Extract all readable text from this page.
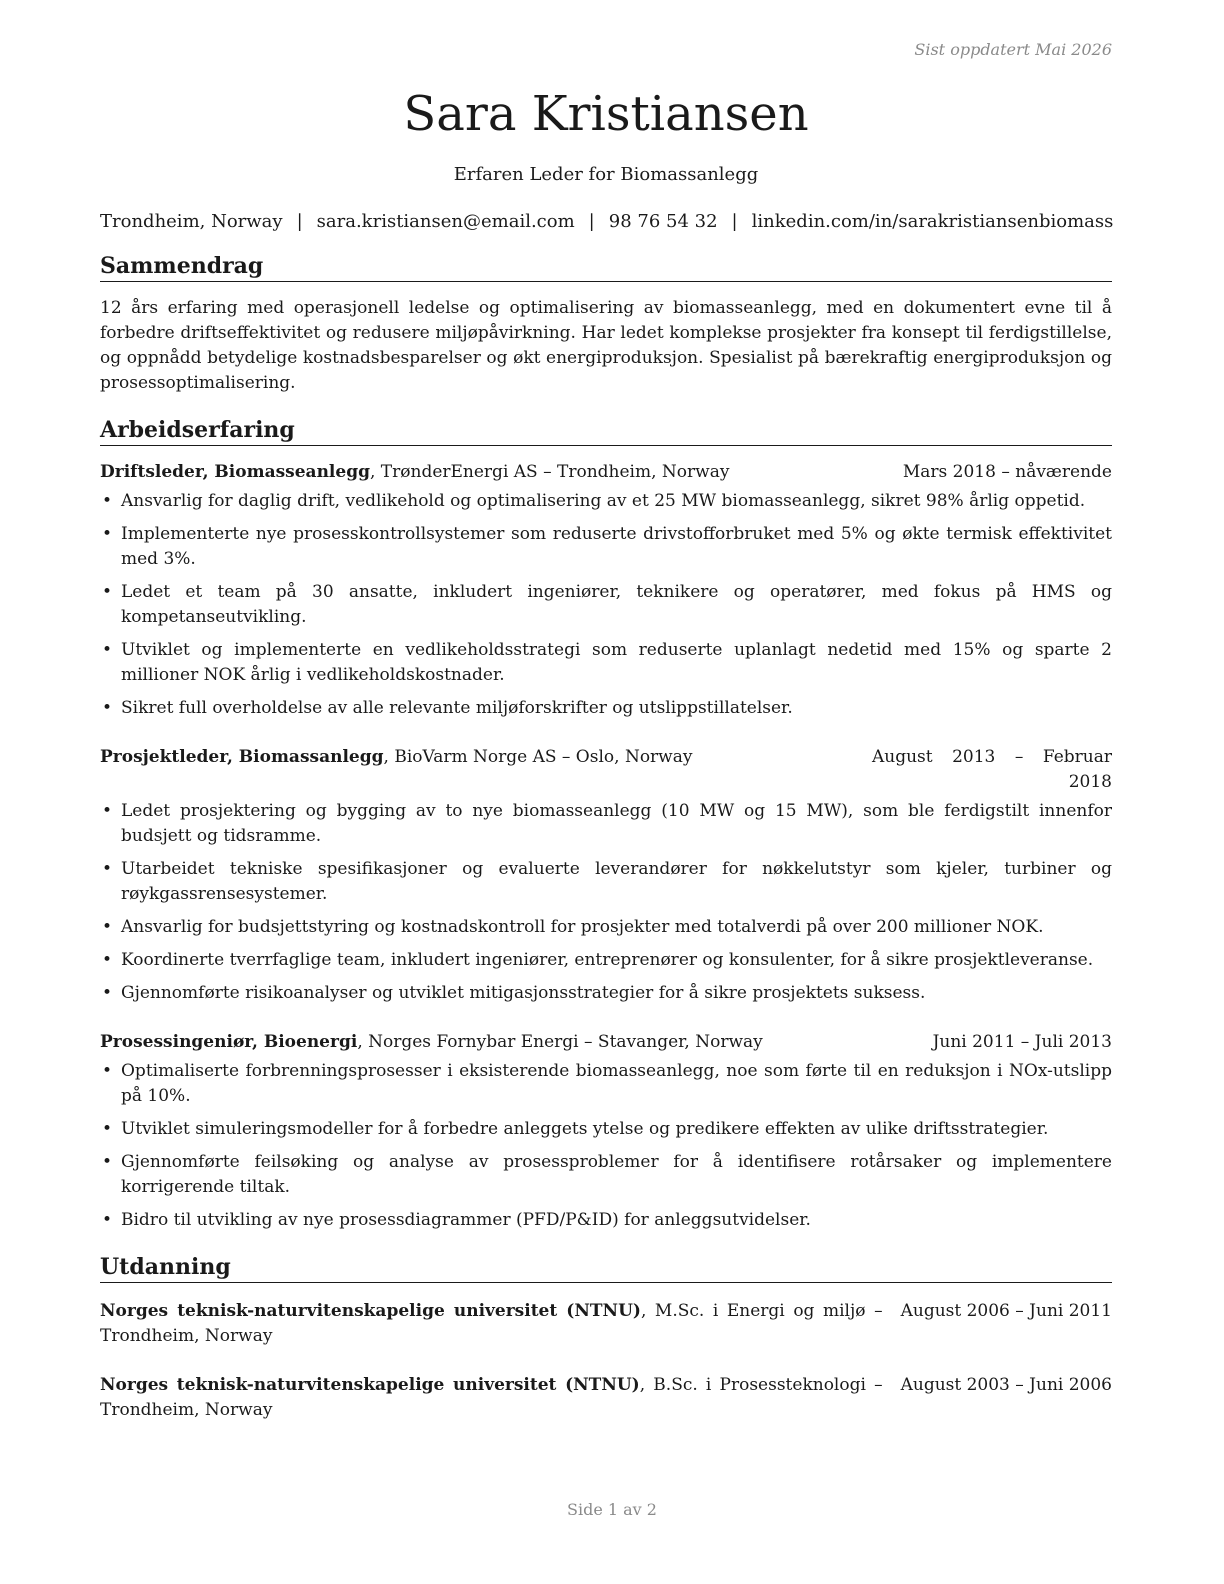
Sist oppdatert Mai 2026
Sara Kristiansen
Erfaren Leder for Biomassanlegg
Trondheim, Norway | sara.kristiansen@email.com | 98 76 54 32 | linkedin.com/in/sarakristiansenbiomass
Sammendrag
12 års erfaring med operasjonell ledelse og optimalisering av biomasseanlegg, med en dokumentert evne til å forbedre driftseffektivitet og redusere miljøpåvirkning. Har ledet komplekse prosjekter fra konsept til ferdigstillelse, og oppnådd betydelige kostnadsbesparelser og økt energiproduksjon. Spesialist på bærekraftig energiproduksjon og prosessoptimalisering.
Arbeidserfaring
Driftsleder, Biomasseanlegg, TrønderEnergi AS – Trondheim, Norway	Mars 2018 – nåværende
• Ansvarlig for daglig drift, vedlikehold og optimalisering av et 25 MW biomasseanlegg, sikret 98% årlig oppetid.
• Implementerte nye prosesskontrollsystemer som reduserte drivstofforbruket med 5% og økte termisk effektivitet med 3%.
• Ledet et team på 30 ansatte, inkludert ingeniører, teknikere og operatører, med fokus på HMS og kompetanseutvikling.
• Utviklet og implementerte en vedlikeholdsstrategi som reduserte uplanlagt nedetid med 15% og sparte 2 millioner NOK årlig i vedlikeholdskostnader.
• Sikret full overholdelse av alle relevante miljøforskrifter og utslippstillatelser.
Prosjektleder, Biomassanlegg, BioVarm Norge AS – Oslo, Norway	August 2013 – Februar 2018
• Ledet prosjektering og bygging av to nye biomasseanlegg (10 MW og 15 MW), som ble ferdigstilt innenfor budsjett og tidsramme.
• Utarbeidet tekniske spesifikasjoner og evaluerte leverandører for nøkkelutstyr som kjeler, turbiner og røykgassrensesystemer.
• Ansvarlig for budsjettstyring og kostnadskontroll for prosjekter med totalverdi på over 200 millioner NOK.
• Koordinerte tverrfaglige team, inkludert ingeniører, entreprenører og konsulenter, for å sikre prosjektleveranse.
• Gjennomførte risikoanalyser og utviklet mitigasjonsstrategier for å sikre prosjektets suksess.
Prosessingeniør, Bioenergi, Norges Fornybar Energi – Stavanger, Norway	Juni 2011 – Juli 2013
• Optimaliserte forbrenningsprosesser i eksisterende biomasseanlegg, noe som førte til en reduksjon i NOx-utslipp på 10%.
• Utviklet simuleringsmodeller for å forbedre anleggets ytelse og predikere effekten av ulike driftsstrategier.
• Gjennomførte feilsøking og analyse av prosessproblemer for å identifisere rotårsaker og implementere korrigerende tiltak.
• Bidro til utvikling av nye prosessdiagrammer (PFD/P&ID) for anleggsutvidelser.
Utdanning
Norges teknisk-naturvitenskapelige universitet (NTNU), M.Sc. i Energi og miljø – Trondheim, Norway
August 2006 – Juni 2011
Norges teknisk-naturvitenskapelige universitet (NTNU), B.Sc. i Prosessteknologi – Trondheim, Norway
August 2003 – Juni 2006
Side 1 av 2
